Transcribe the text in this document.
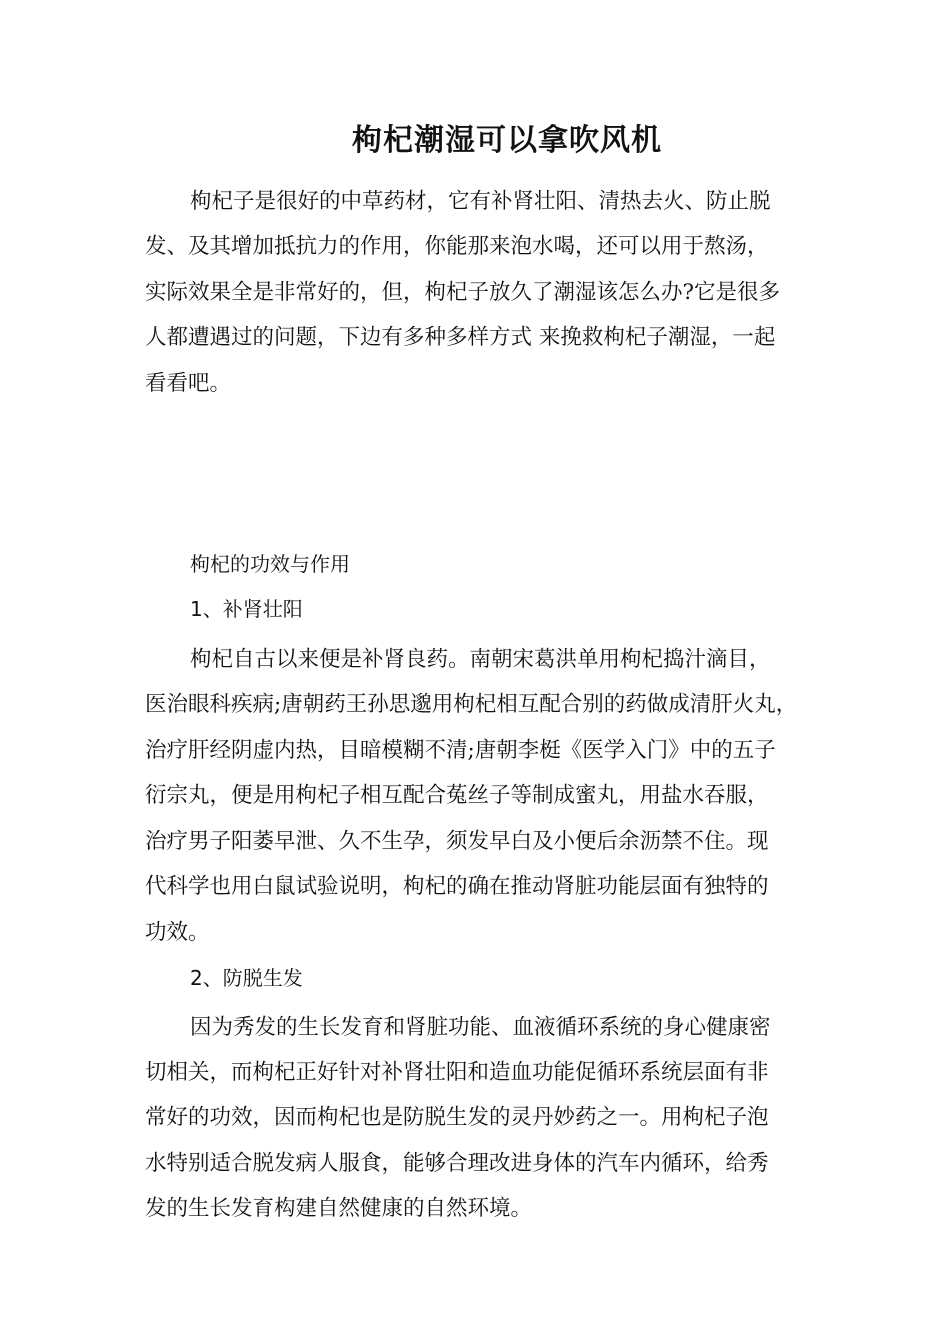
枸杞潮湿可以拿吹风机
枸杞子是很好的中草药材，它有补肾壮阳、清热去火、防止脱
发、及其增加抵抗力的作用，你能那来泡水喝，还可以用于熬汤，
实际效果全是非常好的，但，枸杞子放久了潮湿该怎么办?它是很多
人都遭遇过的问题，下边有多种多样方式 来挽救枸杞子潮湿，一起
看看吧。
枸杞的功效与作用
1、补肾壮阳
枸杞自古以来便是补肾良药。南朝宋葛洪单用枸杞捣汁滴目，
医治眼科疾病;唐朝药王孙思邈用枸杞相互配合别的药做成清肝火丸，
治疗肝经阴虚内热，目暗模糊不清;唐朝李梃《医学入门》中的五子
衍宗丸，便是用枸杞子相互配合菟丝子等制成蜜丸，用盐水吞服，
治疗男子阳萎早泄、久不生孕，须发早白及小便后余沥禁不住。现
代科学也用白鼠试验说明，枸杞的确在推动肾脏功能层面有独特的
功效。
2、防脱生发
因为秀发的生长发育和肾脏功能、血液循环系统的身心健康密
切相关，而枸杞正好针对补肾壮阳和造血功能促循环系统层面有非
常好的功效，因而枸杞也是防脱生发的灵丹妙药之一。用枸杞子泡
水特别适合脱发病人服食，能够合理改进身体的汽车内循环，给秀
发的生长发育构建自然健康的自然环境。
